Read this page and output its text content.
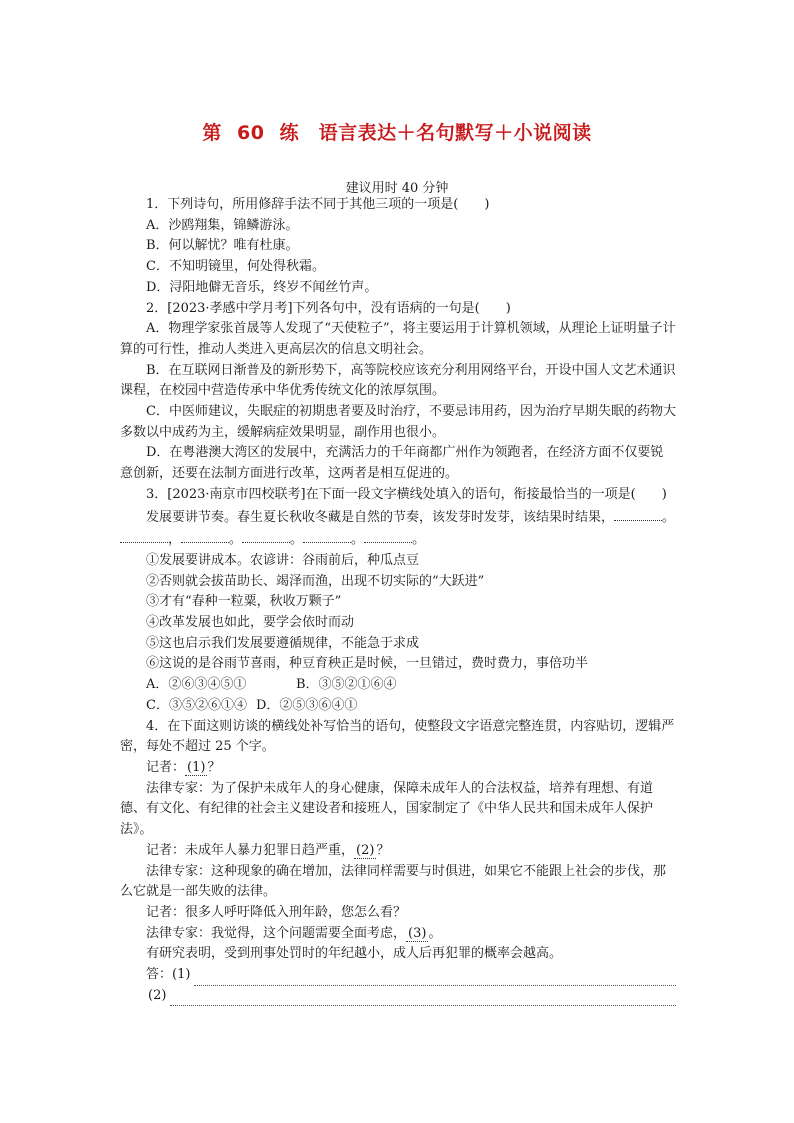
第 60 练　语言表达＋名句默写＋小说阅读
建议用时 40 分钟

1．下列诗句，所用修辞手法不同于其他三项的一项是(　　)

A．沙鸥翔集，锦鳞游泳。

B．何以解忧？唯有杜康。

C．不知明镜里，何处得秋霜。

D．浔阳地僻无音乐，终岁不闻丝竹声。

2．[2023·孝感中学月考]下列各句中，没有语病的一句是(　　)

A．物理学家张首晟等人发现了“天使粒子”，将主要运用于计算机领域，从理论上证明量子计算的可行性，推动人类进入更高层次的信息文明社会。

B．在互联网日渐普及的新形势下，高等院校应该充分利用网络平台，开设中国人文艺术通识课程，在校园中营造传承中华优秀传统文化的浓厚氛围。

C．中医师建议，失眠症的初期患者要及时治疗，不要忌讳用药，因为治疗早期失眠的药物大多数以中成药为主，缓解病症效果明显，副作用也很小。

D．在粤港澳大湾区的发展中，充满活力的千年商都广州作为领跑者，在经济方面不仅要锐意创新，还要在法制方面进行改革，这两者是相互促进的。

3．[2023·南京市四校联考]在下面一段文字横线处填入的语句，衔接最恰当的一项是(　　)

发展要讲节奏。春生夏长秋收冬藏是自然的节奏，该发芽时发芽，该结果时结果，	。，	。	。	。	。

①发展要讲成本。农谚讲：谷雨前后，种瓜点豆

②否则就会拔苗助长、竭泽而渔，出现不切实际的“大跃进”

③才有“春种一粒粟，秋收万颗子”

④改革发展也如此，要学会依时而动

⑤这也启示我们发展要遵循规律，不能急于求成

⑥这说的是谷雨节喜雨，种豆育秧正是时候，一旦错过，费时费力，事倍功半

A．②⑥③④⑤①	B．③⑤②①⑥④

C．③⑤②⑥①④ D．②⑤③⑥④①

4．在下面这则访谈的横线处补写恰当的语句，使整段文字语意完整连贯，内容贴切，逻辑严密，每处不超过 25 个字。

记者： (1) ？

法律专家：为了保护未成年人的身心健康，保障未成年人的合法权益，培养有理想、有道德、有文化、有纪律的社会主义建设者和接班人，国家制定了《中华人民共和国未成年人保护法》。

记者：未成年人暴力犯罪日趋严重， (2) ？

法律专家：这种现象的确在增加，法律同样需要与时俱进，如果它不能跟上社会的步伐，那么它就是一部失败的法律。

记者：很多人呼吁降低入刑年龄，您怎么看？

法律专家：我觉得，这个问题需要全面考虑， (3) 。

有研究表明，受到刑事处罚时的年纪越小，成人后再犯罪的概率会越高。

答：(1)
(2)
